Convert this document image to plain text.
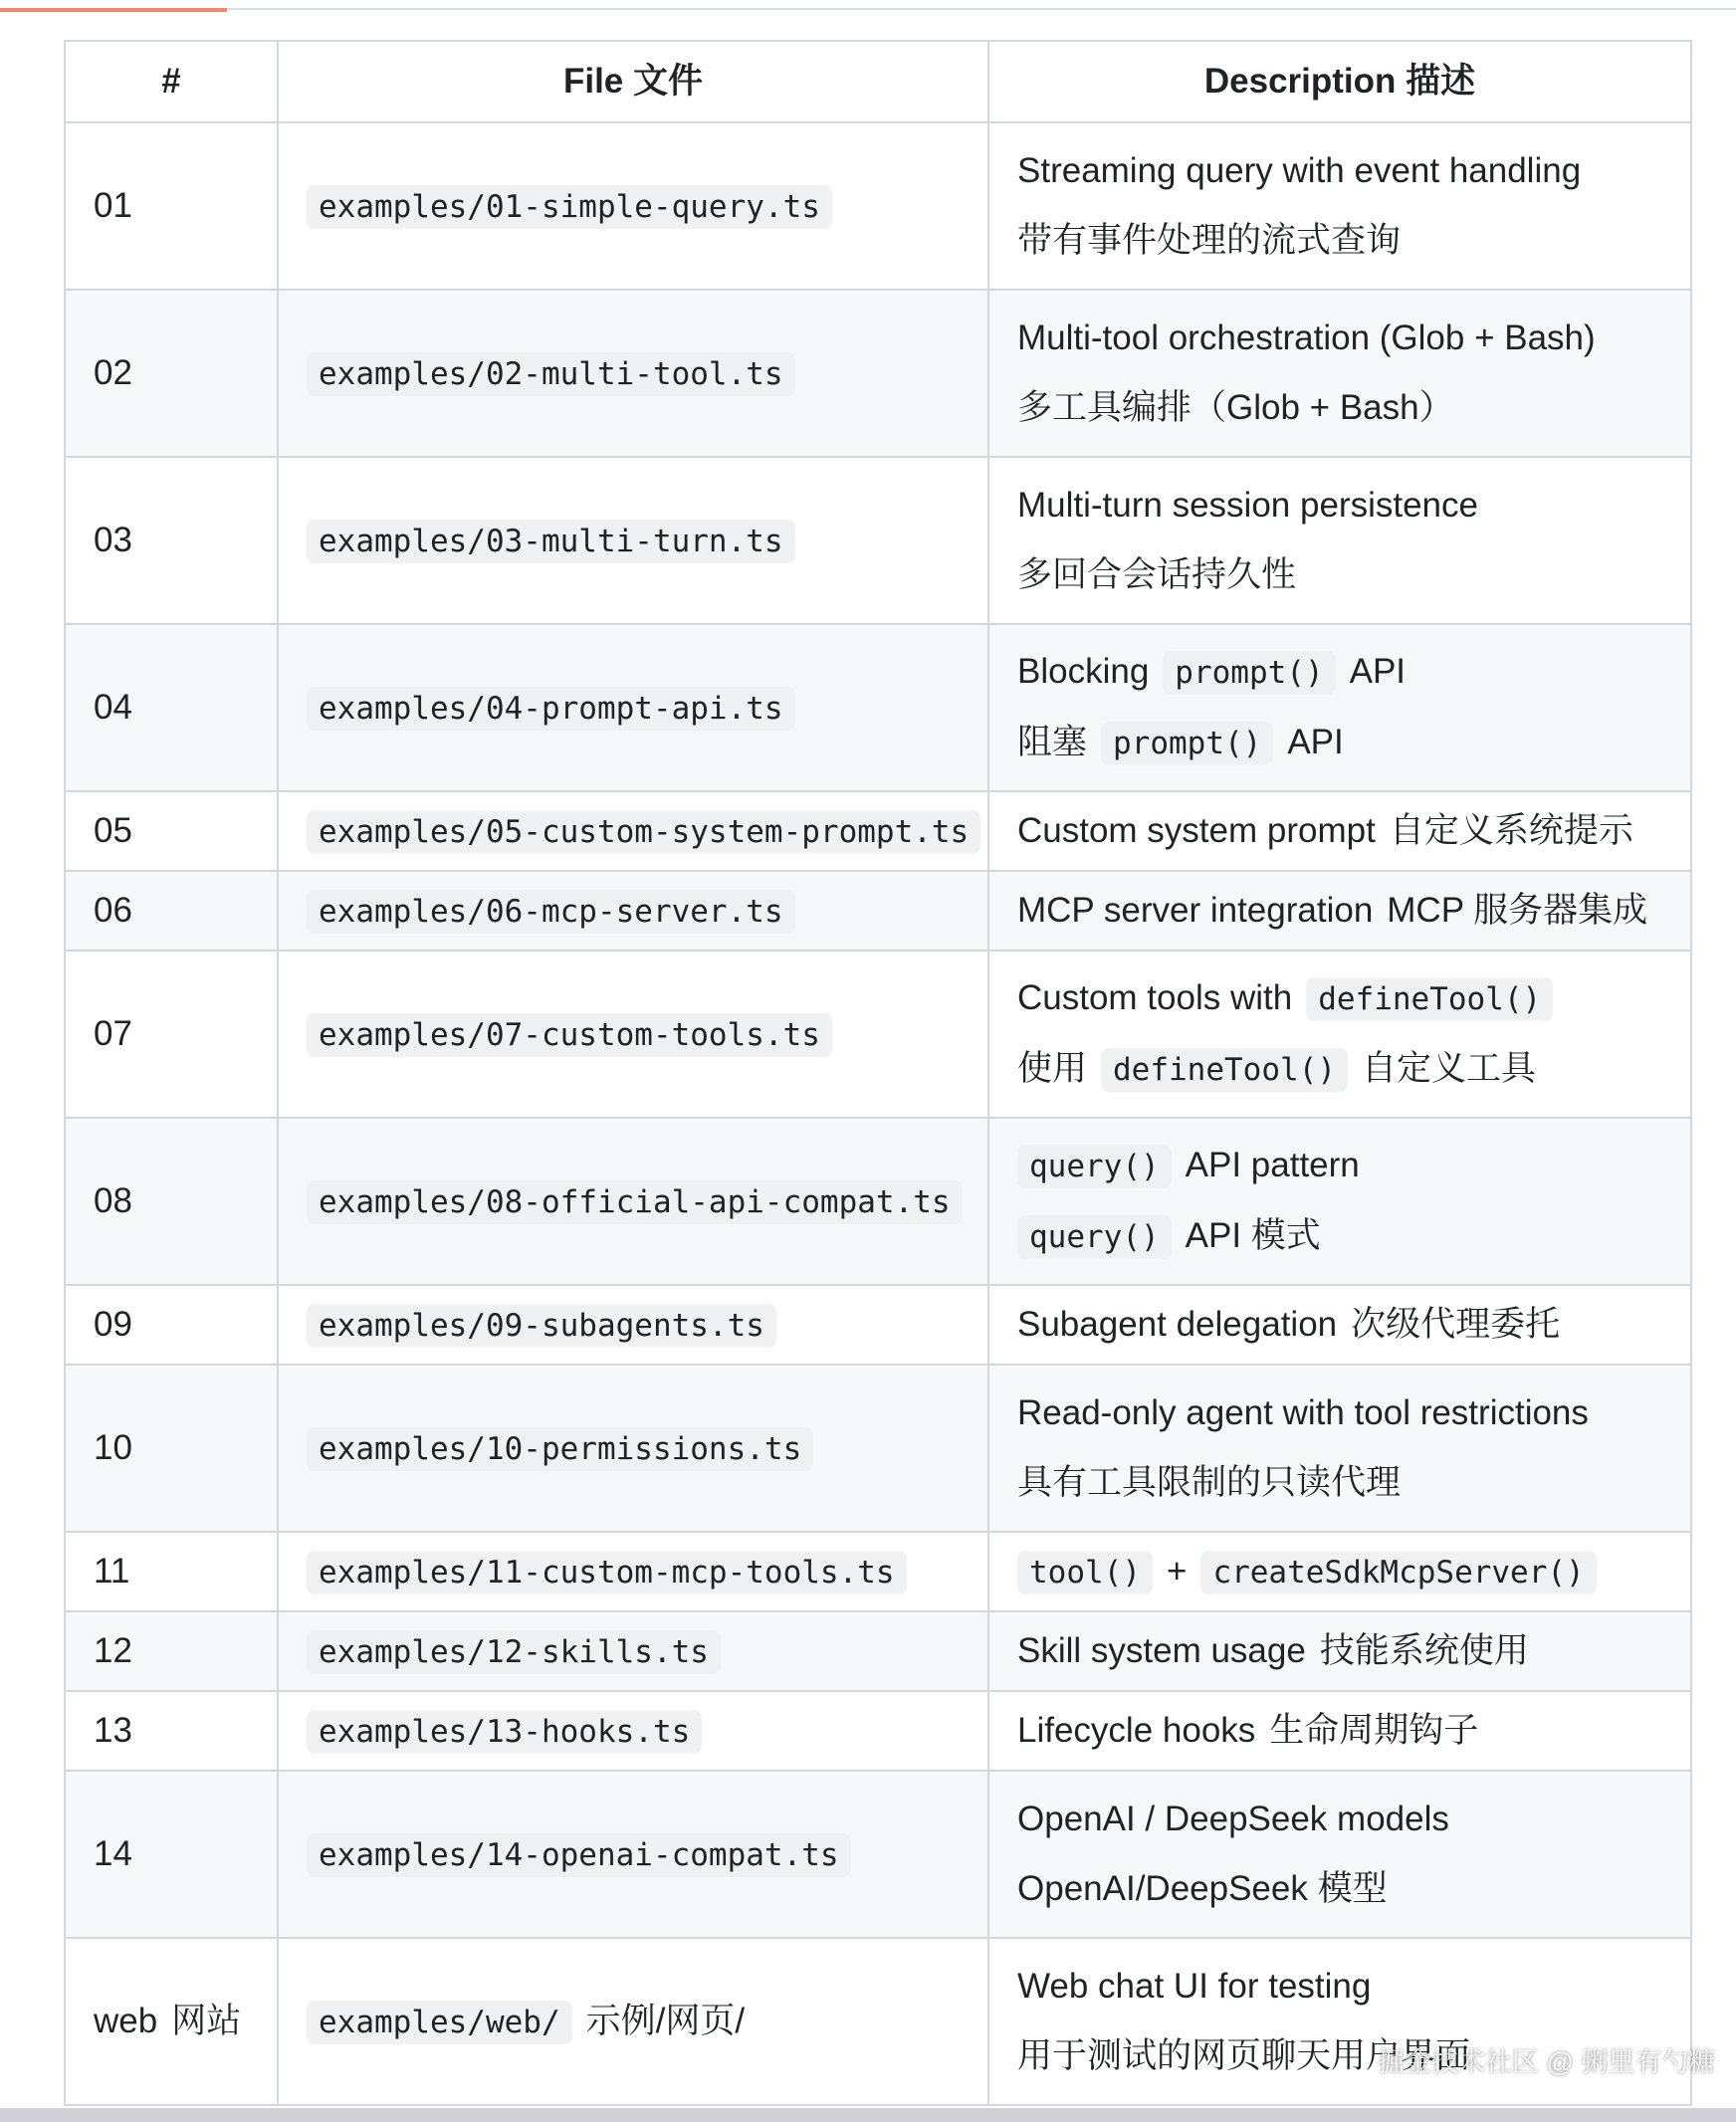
#	File 文件	Description 描述
01	examples/01-simple-query.ts	Streaming query with event handling
带有事件处理的流式查询

02	examples/02-multi-tool.ts	Multi-tool orchestration (Glob + Bash)
多工具编排（Glob + Bash）

03	examples/03-multi-turn.ts	Multi-turn session persistence
多回合会话持久性

04	examples/04-prompt-api.ts	Blocking prompt() API
阻塞 prompt() API

05	examples/05-custom-system-prompt.ts	Custom system prompt 自定义系统提示

06	examples/06-mcp-server.ts	MCP server integration MCP 服务器集成

07	examples/07-custom-tools.ts	Custom tools with defineTool()
使用 defineTool() 自定义工具

08	examples/08-official-api-compat.ts	query() API pattern
query() API 模式

09	examples/09-subagents.ts	Subagent delegation 次级代理委托

10	examples/10-permissions.ts	Read-only agent with tool restrictions
具有工具限制的只读代理

11	examples/11-custom-mcp-tools.ts	tool() + createSdkMcpServer()

12	examples/12-skills.ts	Skill system usage 技能系统使用

13	examples/13-hooks.ts	Lifecycle hooks 生命周期钩子

14	examples/14-openai-compat.ts	OpenAI / DeepSeek models
OpenAI/DeepSeek 模型

web 网站	examples/web/ 示例/网页/	Web chat UI for testing
用于测试的网页聊天用户界面
掘金技术社区 @ 粥里有勺糖
